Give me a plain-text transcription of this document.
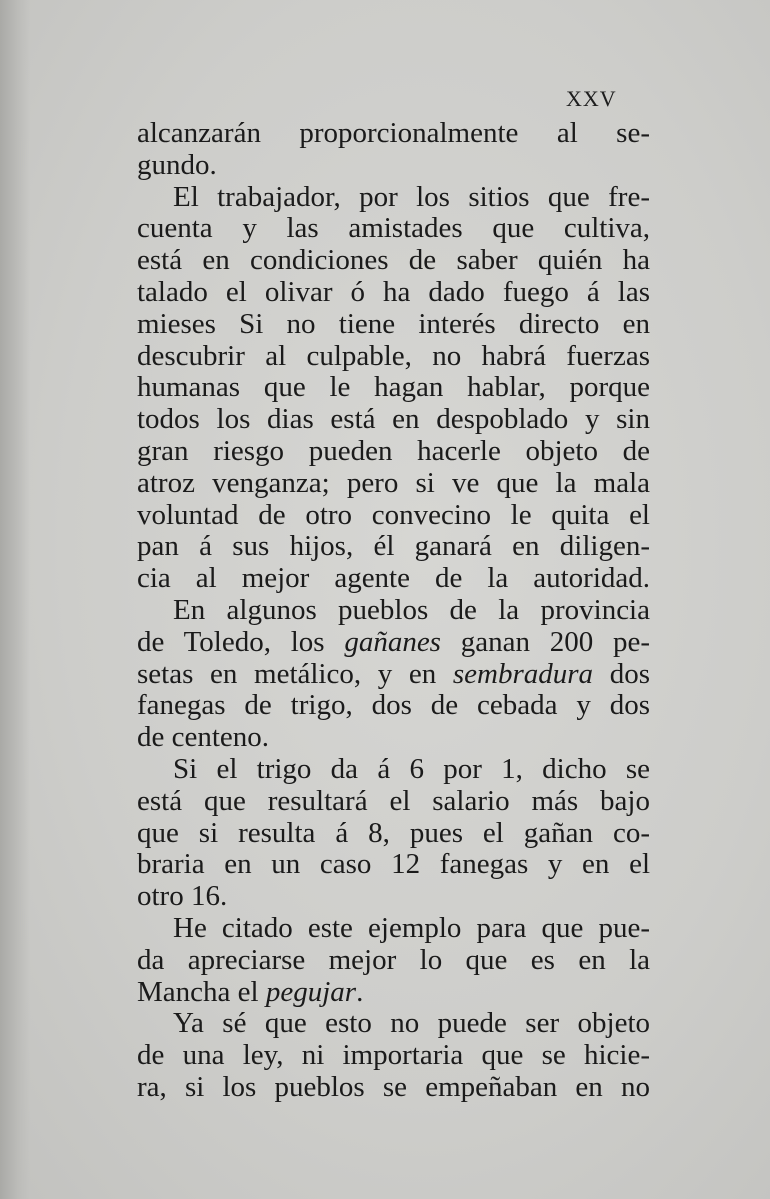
XXV

alcanzarán proporcionalmente al se-
gundo.
El trabajador, por los sitios que fre-
cuenta y las amistades que cultiva,
está en condiciones de saber quién ha
talado el olivar ó ha dado fuego á las
mieses Si no tiene interés directo en
descubrir al culpable, no habrá fuerzas
humanas que le hagan hablar, porque
todos los dias está en despoblado y sin
gran riesgo pueden hacerle objeto de
atroz venganza; pero si ve que la mala
voluntad de otro convecino le quita el
pan á sus hijos, él ganará en diligen-
cia al mejor agente de la autoridad.
En algunos pueblos de la provincia
de Toledo, los gañanes ganan 200 pe-
setas en metálico, y en sembradura dos
fanegas de trigo, dos de cebada y dos
de centeno.
Si el trigo da á 6 por 1, dicho se
está que resultará el salario más bajo
que si resulta á 8, pues el gañan co-
braria en un caso 12 fanegas y en el
otro 16.
He citado este ejemplo para que pue-
da apreciarse mejor lo que es en la
Mancha el pegujar.
Ya sé que esto no puede ser objeto
de una ley, ni importaria que se hicie-
ra, si los pueblos se empeñaban en no
